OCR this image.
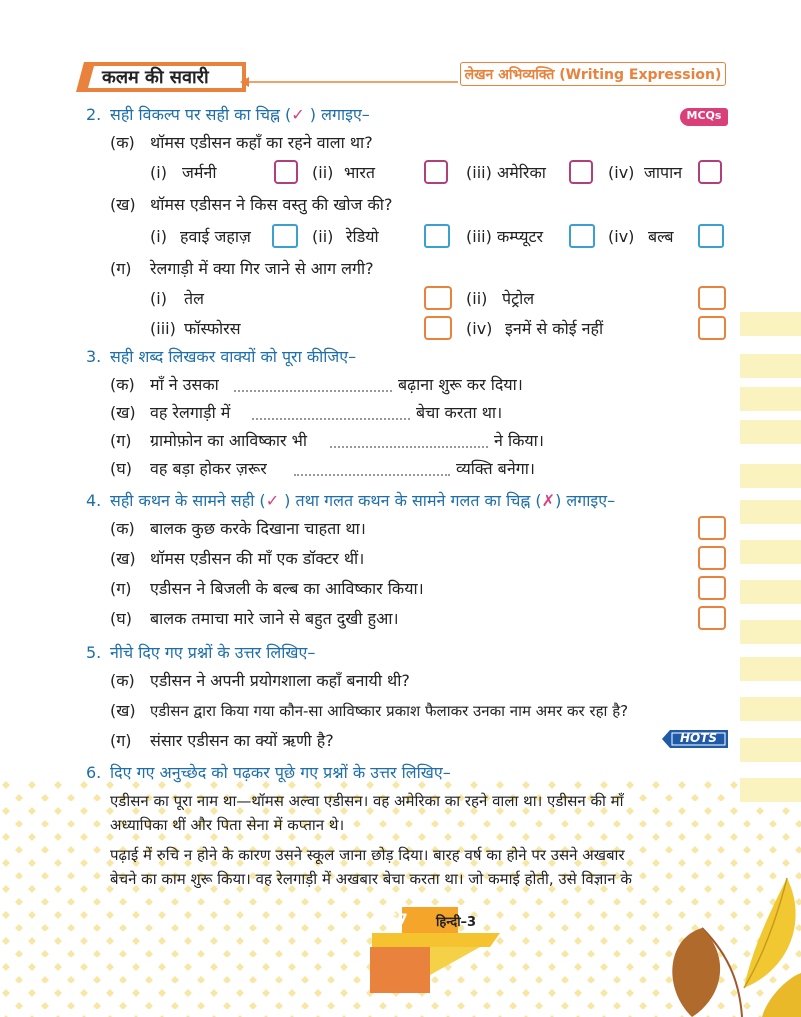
कलम की सवारी	लेखन अभिव्यक्ति (Writing Expression)
2. सही विकल्प पर सही का चिह्न (✓ ) लगाइए–	MCQs
(क) थॉमस एडीसन कहाँ का रहने वाला था?
(i) जर्मनी	(ii) भारत	(iii) अमेरिका	(iv) जापान
(ख) थॉमस एडीसन ने किस वस्तु की खोज की?
(i) हवाई जहाज़	(ii) रेडियो	(iii) कम्प्यूटर	(iv) बल्ब
(ग) रेलगाड़ी में क्या गिर जाने से आग लगी?
(i) तेल	(ii) पेट्रोल
(iii) फॉस्फोरस	(iv) इनमें से कोई नहीं
3. सही शब्द लिखकर वाक्यों को पूरा कीजिए–
(क) माँ ने उसका	बढ़ाना शुरू कर दिया।
(ख) वह रेलगाड़ी में	बेचा करता था।
(ग) ग्रामोफ़ोन का आविष्कार भी	ने किया।
(घ) वह बड़ा होकर ज़रूर	व्यक्ति बनेगा।
4. सही कथन के सामने सही (✓ ) तथा गलत कथन के सामने गलत का चिह्न (✗) लगाइए–
(क) बालक कुछ करके दिखाना चाहता था।
(ख) थॉमस एडीसन की माँ एक डॉक्टर थीं।
(ग) एडीसन ने बिजली के बल्ब का आविष्कार किया।
(घ) बालक तमाचा मारे जाने से बहुत दुखी हुआ।
5. नीचे दिए गए प्रश्नों के उत्तर लिखिए–
(क) एडीसन ने अपनी प्रयोगशाला कहाँ बनायी थी?
(ख) एडीसन द्वारा किया गया कौन-सा आविष्कार प्रकाश फैलाकर उनका नाम अमर कर रहा है?
(ग) संसार एडीसन का क्यों ऋणी है?	HOTS
6. दिए गए अनुच्छेद को पढ़कर पूछे गए प्रश्नों के उत्तर लिखिए–
एडीसन का पूरा नाम था—थॉमस अल्वा एडीसन। वह अमेरिका का रहने वाला था। एडीसन की माँ
अध्यापिका थीं और पिता सेना में कप्तान थे।
पढ़ाई में रुचि न होने के कारण उसने स्कूल जाना छोड़ दिया। बारह वर्ष का होने पर उसने अखबार
बेचने का काम शुरू किया। वह रेलगाड़ी में अखबार बेचा करता था। जो कमाई होती, उसे विज्ञान के
57 हिन्दी–3
